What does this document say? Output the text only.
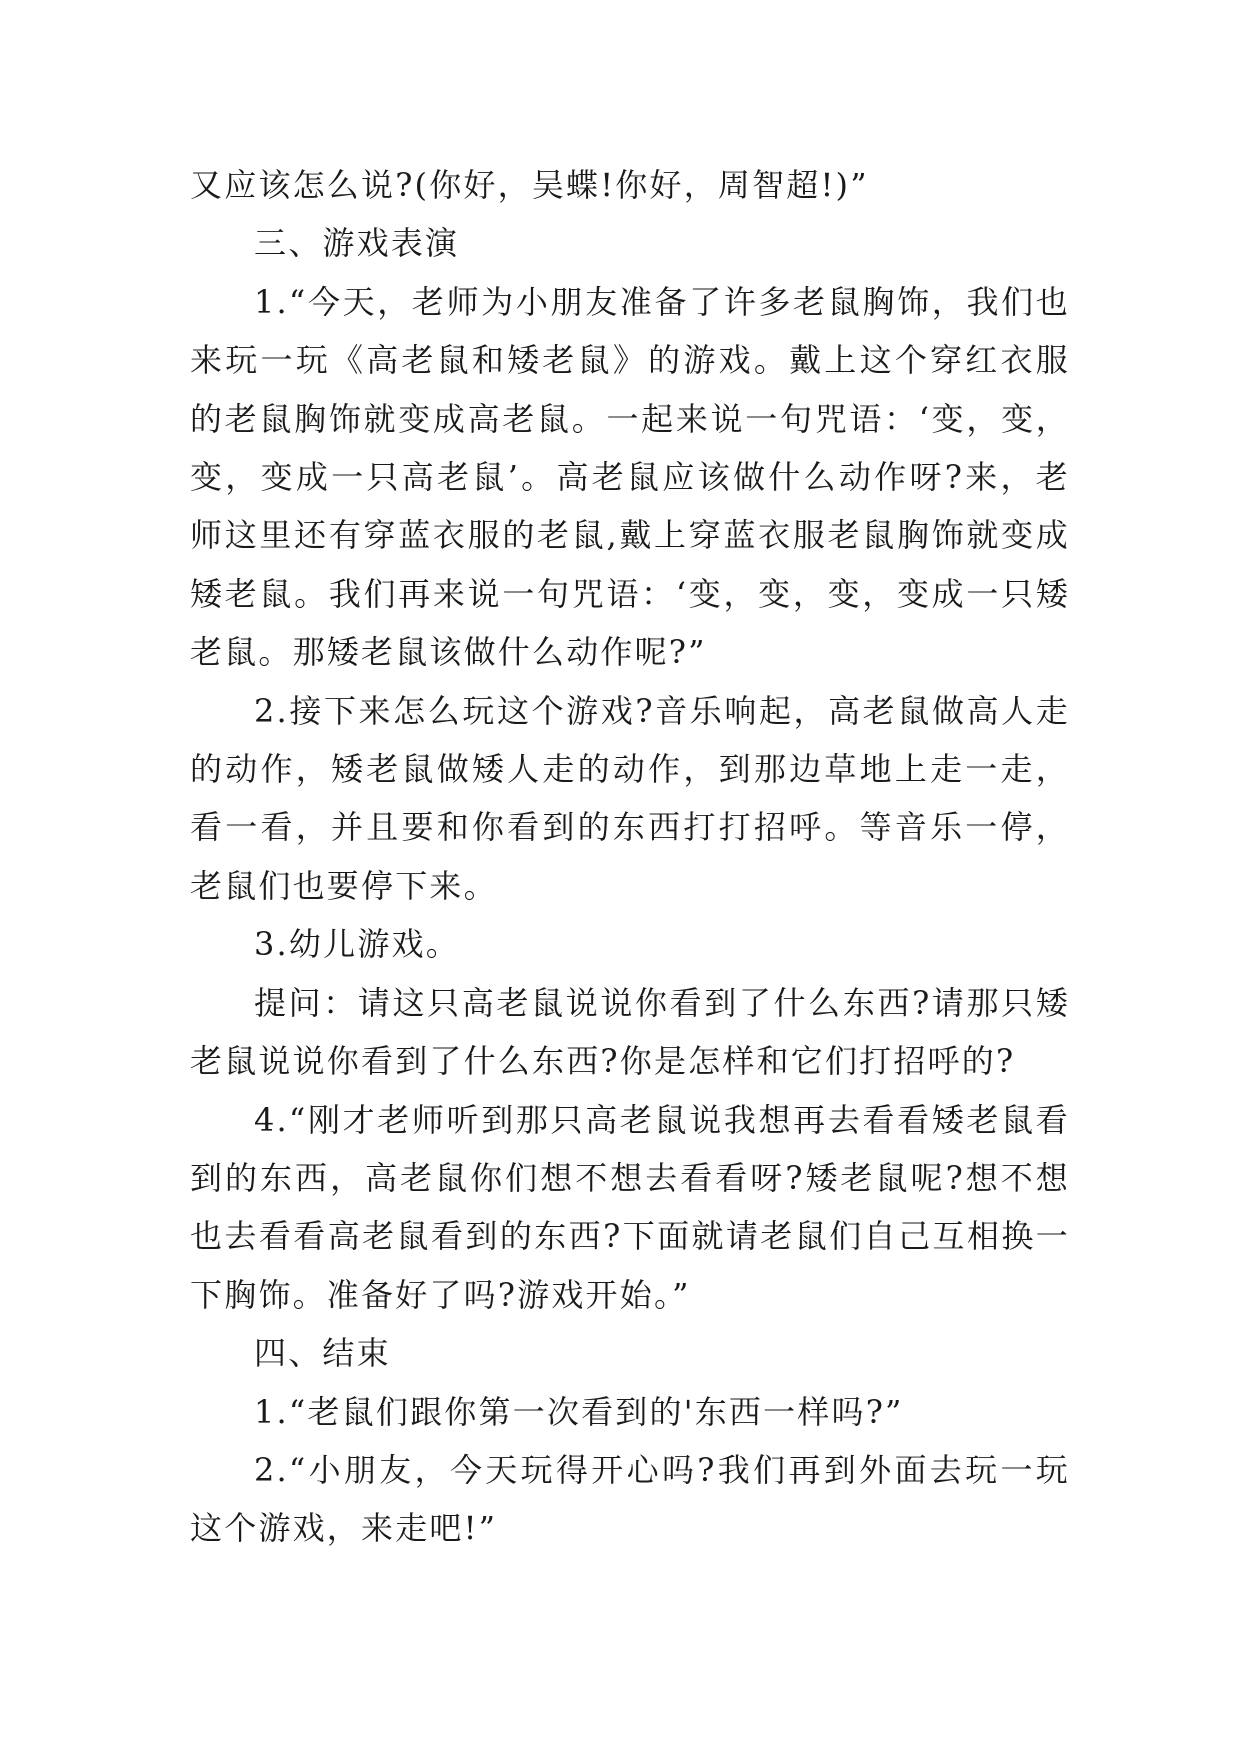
又应该怎么说?(你好，吴蝶!你好，周智超!)”

三、游戏表演

1.“今天，老师为小朋友准备了许多老鼠胸饰，我们也来玩一玩《高老鼠和矮老鼠》的游戏。戴上这个穿红衣服的老鼠胸饰就变成高老鼠。一起来说一句咒语：‘变，变，变，变成一只高老鼠’。高老鼠应该做什么动作呀?来，老师这里还有穿蓝衣服的老鼠,戴上穿蓝衣服老鼠胸饰就变成矮老鼠。我们再来说一句咒语：‘变，变，变，变成一只矮老鼠。那矮老鼠该做什么动作呢?”

2.接下来怎么玩这个游戏?音乐响起，高老鼠做高人走的动作，矮老鼠做矮人走的动作，到那边草地上走一走，看一看，并且要和你看到的东西打打招呼。等音乐一停，老鼠们也要停下来。

3.幼儿游戏。

提问：请这只高老鼠说说你看到了什么东西?请那只矮老鼠说说你看到了什么东西?你是怎样和它们打招呼的?

4.“刚才老师听到那只高老鼠说我想再去看看矮老鼠看到的东西，高老鼠你们想不想去看看呀?矮老鼠呢?想不想也去看看高老鼠看到的东西?下面就请老鼠们自己互相换一下胸饰。准备好了吗?游戏开始。”

四、结束

1.“老鼠们跟你第一次看到的'东西一样吗?”

2.“小朋友，今天玩得开心吗?我们再到外面去玩一玩这个游戏，来走吧!”
